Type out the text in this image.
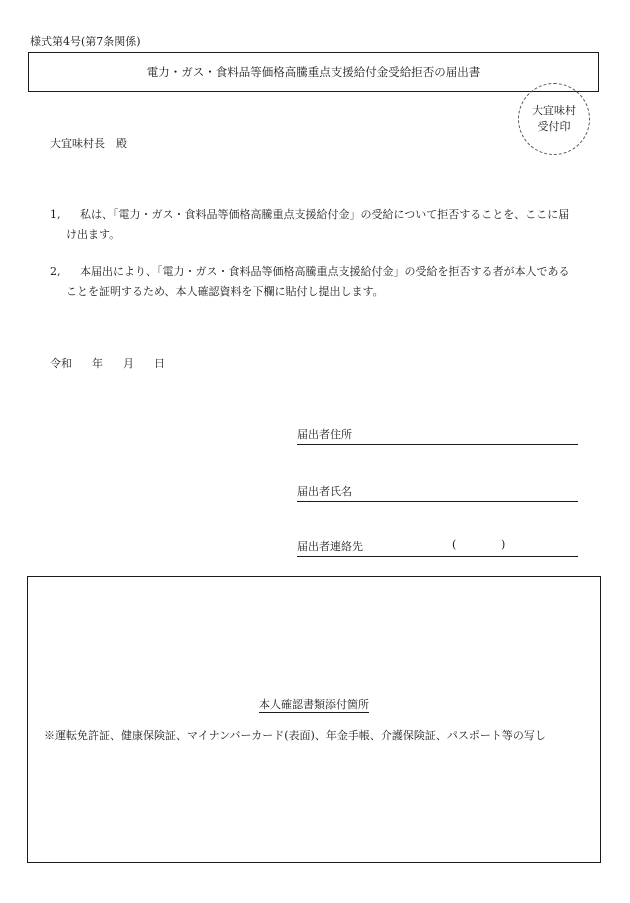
様式第4号(第7条関係)
電力・ガス・食料品等価格高騰重点支援給付金受給拒否の届出書
大宜味村
受付印
大宜味村長　殿
1,	私は、「電力・ガス・食料品等価格高騰重点支援給付金」の受給について拒否することを、ここに届け出ます。
2,	本届出により、「電力・ガス・食料品等価格高騰重点支援給付金」の受給を拒否する者が本人であることを証明するため、本人確認資料を下欄に貼付し提出します。
令和 年 月 日
届出者住所
届出者氏名
届出者連絡先	(	)
本人確認書類添付箇所
※運転免許証、健康保険証、マイナンバーカード(表面)、年金手帳、介護保険証、パスポート等の写し
